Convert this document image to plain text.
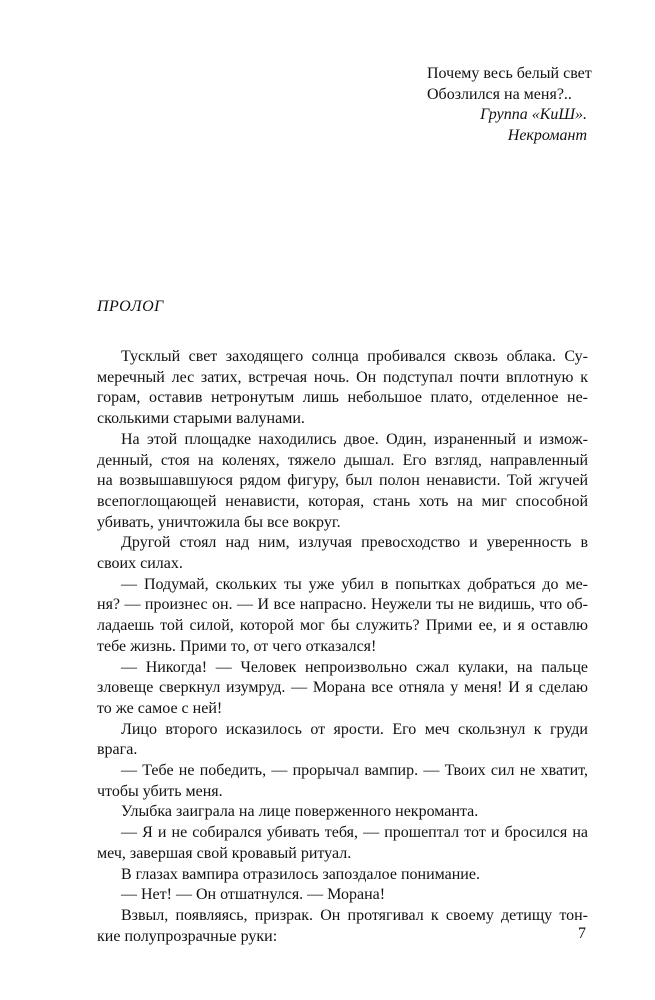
Почему весь белый свет
Обозлился на меня?..
Группа «КиШ».
Некромант
ПРОЛОГ
Тусклый свет заходящего солнца пробивался сквозь облака. Су-
меречный лес затих, встречая ночь. Он подступал почти вплотную к
горам, оставив нетронутым лишь небольшое плато, отделенное не-
сколькими старыми валунами.
На этой площадке находились двое. Один, израненный и измож-
денный, стоя на коленях, тяжело дышал. Его взгляд, направленный
на возвышавшуюся рядом фигуру, был полон ненависти. Той жгучей
всепоглощающей ненависти, которая, стань хоть на миг способной
убивать, уничтожила бы все вокруг.
Другой стоял над ним, излучая превосходство и уверенность в
своих силах.
— Подумай, скольких ты уже убил в попытках добраться до ме-
ня? — произнес он. — И все напрасно. Неужели ты не видишь, что об-
ладаешь той силой, которой мог бы служить? Прими ее, и я оставлю
тебе жизнь. Прими то, от чего отказался!
— Никогда! — Человек непроизвольно сжал кулаки, на пальце
зловеще сверкнул изумруд. — Морана все отняла у меня! И я сделаю
то же самое с ней!
Лицо второго исказилось от ярости. Его меч скользнул к груди
врага.
— Тебе не победить, — прорычал вампир. — Твоих сил не хватит,
чтобы убить меня.
Улыбка заиграла на лице поверженного некроманта.
— Я и не собирался убивать тебя, — прошептал тот и бросился на
меч, завершая свой кровавый ритуал.
В глазах вампира отразилось запоздалое понимание.
— Нет! — Он отшатнулся. — Морана!
Взвыл, появляясь, призрак. Он протягивал к своему детищу тон-
кие полупрозрачные руки:	7
